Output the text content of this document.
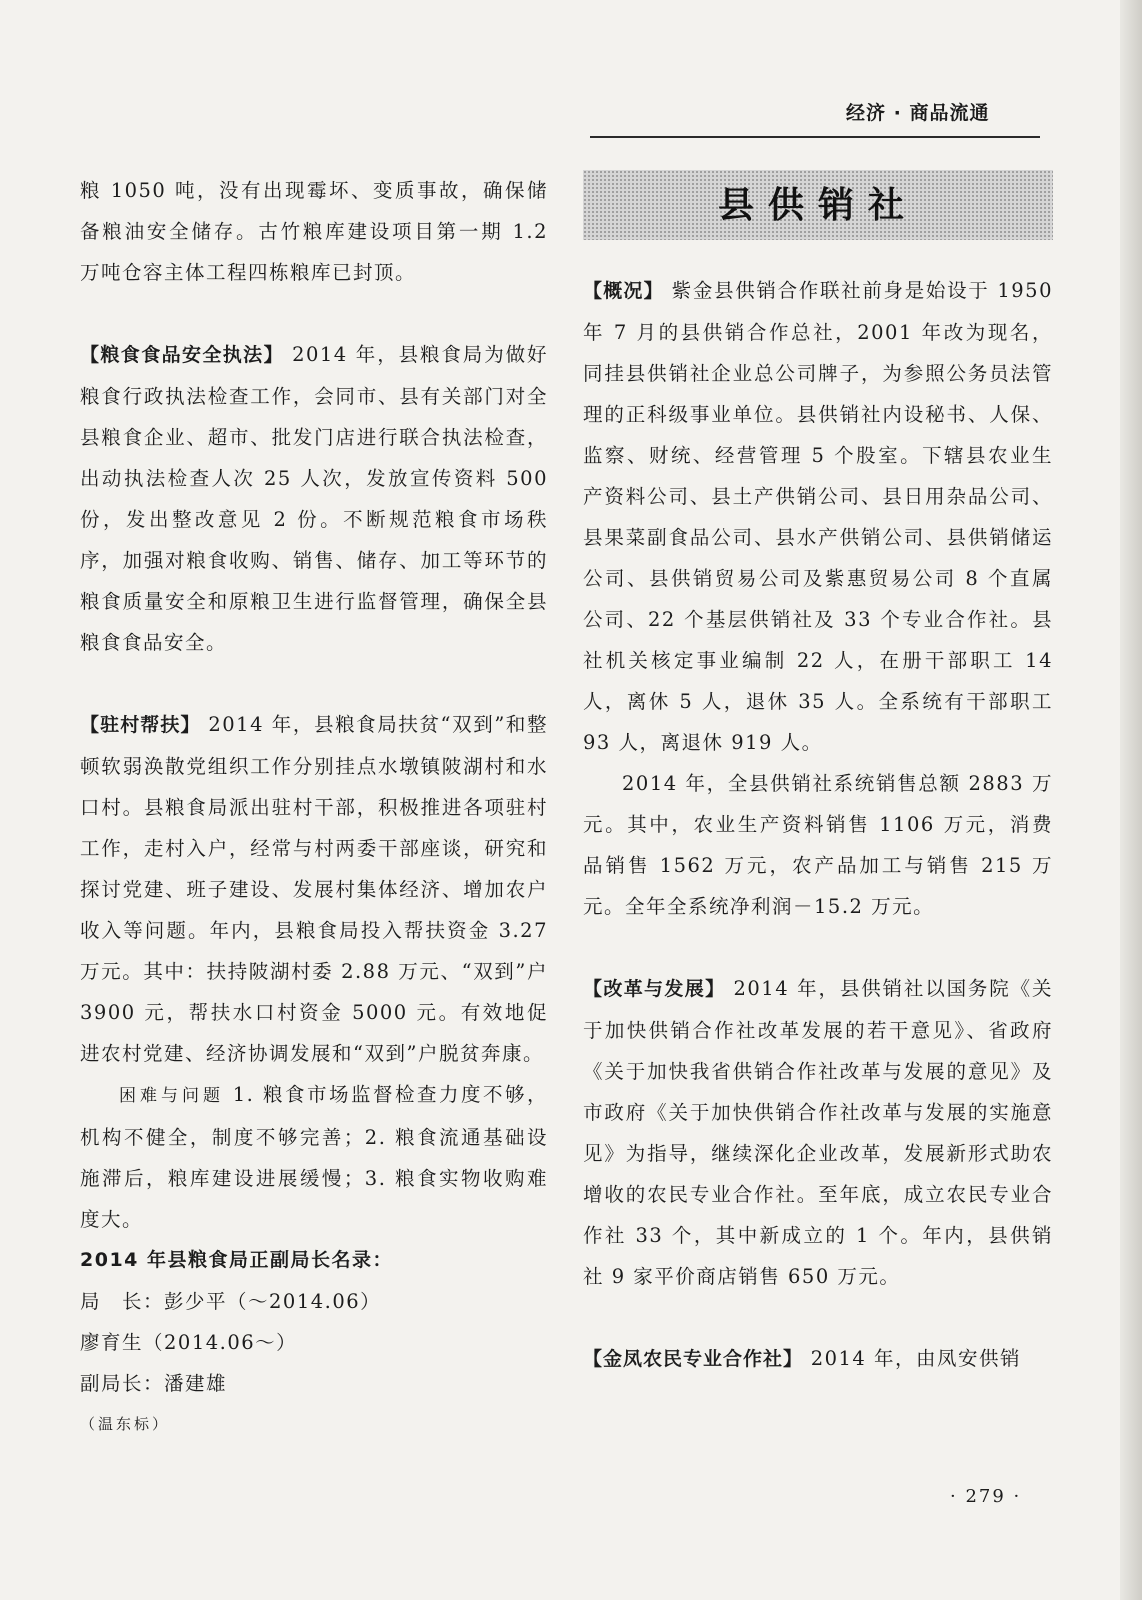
经济 · 商品流通

粮 1050 吨，没有出现霉坏、变质事故，确保储备粮油安全储存。古竹粮库建设项目第一期 1.2 万吨仓容主体工程四栋粮库已封顶。

【粮食食品安全执法】 2014 年，县粮食局为做好粮食行政执法检查工作，会同市、县有关部门对全县粮食企业、超市、批发门店进行联合执法检查，出动执法检查人次 25 人次，发放宣传资料 500 份，发出整改意见 2 份。不断规范粮食市场秩序，加强对粮食收购、销售、储存、加工等环节的粮食质量安全和原粮卫生进行监督管理，确保全县粮食食品安全。

【驻村帮扶】 2014 年，县粮食局扶贫“双到”和整顿软弱涣散党组织工作分别挂点水墩镇陂湖村和水口村。县粮食局派出驻村干部，积极推进各项驻村工作，走村入户，经常与村两委干部座谈，研究和探讨党建、班子建设、发展村集体经济、增加农户收入等问题。年内，县粮食局投入帮扶资金 3.27 万元。其中：扶持陂湖村委 2.88 万元、“双到”户 3900 元，帮扶水口村资金 5000 元。有效地促进农村党建、经济协调发展和“双到”户脱贫奔康。

困难与问题 1. 粮食市场监督检查力度不够，机构不健全，制度不够完善；2. 粮食流通基础设施滞后，粮库建设进展缓慢；3. 粮食实物收购难度大。

2014 年县粮食局正副局长名录：

局　长：彭少平（～2014.06）

廖育生（2014.06～）

副局长：潘建雄

（温东标）

县供销社

【概况】 紫金县供销合作联社前身是始设于 1950 年 7 月的县供销合作总社，2001 年改为现名，同挂县供销社企业总公司牌子，为参照公务员法管理的正科级事业单位。县供销社内设秘书、人保、监察、财统、经营管理 5 个股室。下辖县农业生产资料公司、县土产供销公司、县日用杂品公司、县果菜副食品公司、县水产供销公司、县供销储运公司、县供销贸易公司及紫惠贸易公司 8 个直属公司、22 个基层供销社及 33 个专业合作社。县社机关核定事业编制 22 人，在册干部职工 14 人，离休 5 人，退休 35 人。全系统有干部职工 93 人，离退休 919 人。

2014 年，全县供销社系统销售总额 2883 万元。其中，农业生产资料销售 1106 万元，消费品销售 1562 万元，农产品加工与销售 215 万元。全年全系统净利润－15.2 万元。

【改革与发展】 2014 年，县供销社以国务院《关于加快供销合作社改革发展的若干意见》、省政府《关于加快我省供销合作社改革与发展的意见》及市政府《关于加快供销合作社改革与发展的实施意见》为指导，继续深化企业改革，发展新形式助农增收的农民专业合作社。至年底，成立农民专业合作社 33 个，其中新成立的 1 个。年内，县供销社 9 家平价商店销售 650 万元。

【金凤农民专业合作社】 2014 年，由凤安供销

· 279 ·
